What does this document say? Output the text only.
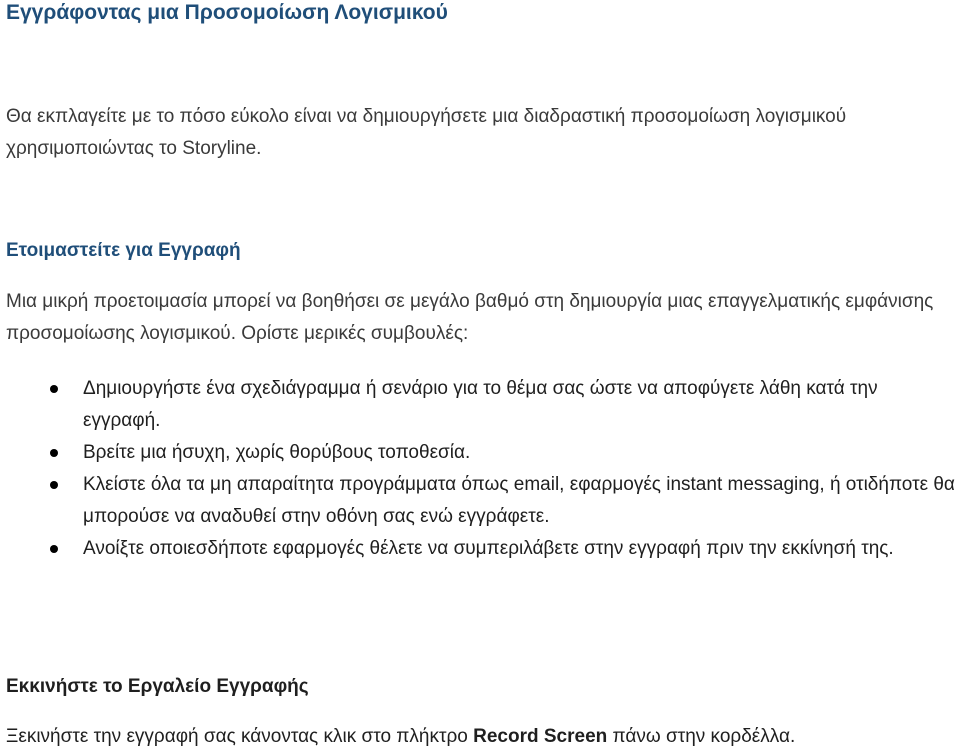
Εγγράφοντας μια Προσομοίωση Λογισμικού

Θα εκπλαγείτε με το πόσο εύκολο είναι να δημιουργήσετε μια διαδραστική προσομοίωση λογισμικού χρησιμοποιώντας το Storyline.

Ετοιμαστείτε για Εγγραφή

Μια μικρή προετοιμασία μπορεί να βοηθήσει σε μεγάλο βαθμό στη δημιουργία μιας επαγγελματικής εμφάνισης προσομοίωσης λογισμικού. Ορίστε μερικές συμβουλές:

Δημιουργήστε ένα σχεδιάγραμμα ή σενάριο για το θέμα σας ώστε να αποφύγετε λάθη κατά την εγγραφή.
Βρείτε μια ήσυχη, χωρίς θορύβους τοποθεσία.
Κλείστε όλα τα μη απαραίτητα προγράμματα όπως email, εφαρμογές instant messaging, ή οτιδήποτε θα μπορούσε να αναδυθεί στην οθόνη σας ενώ εγγράφετε.
Ανοίξτε οποιεσδήποτε εφαρμογές θέλετε να συμπεριλάβετε στην εγγραφή πριν την εκκίνησή της.
Εκκινήστε το Εργαλείο Εγγραφής

Ξεκινήστε την εγγραφή σας κάνοντας κλικ στο πλήκτρο Record Screen πάνω στην κορδέλλα.
